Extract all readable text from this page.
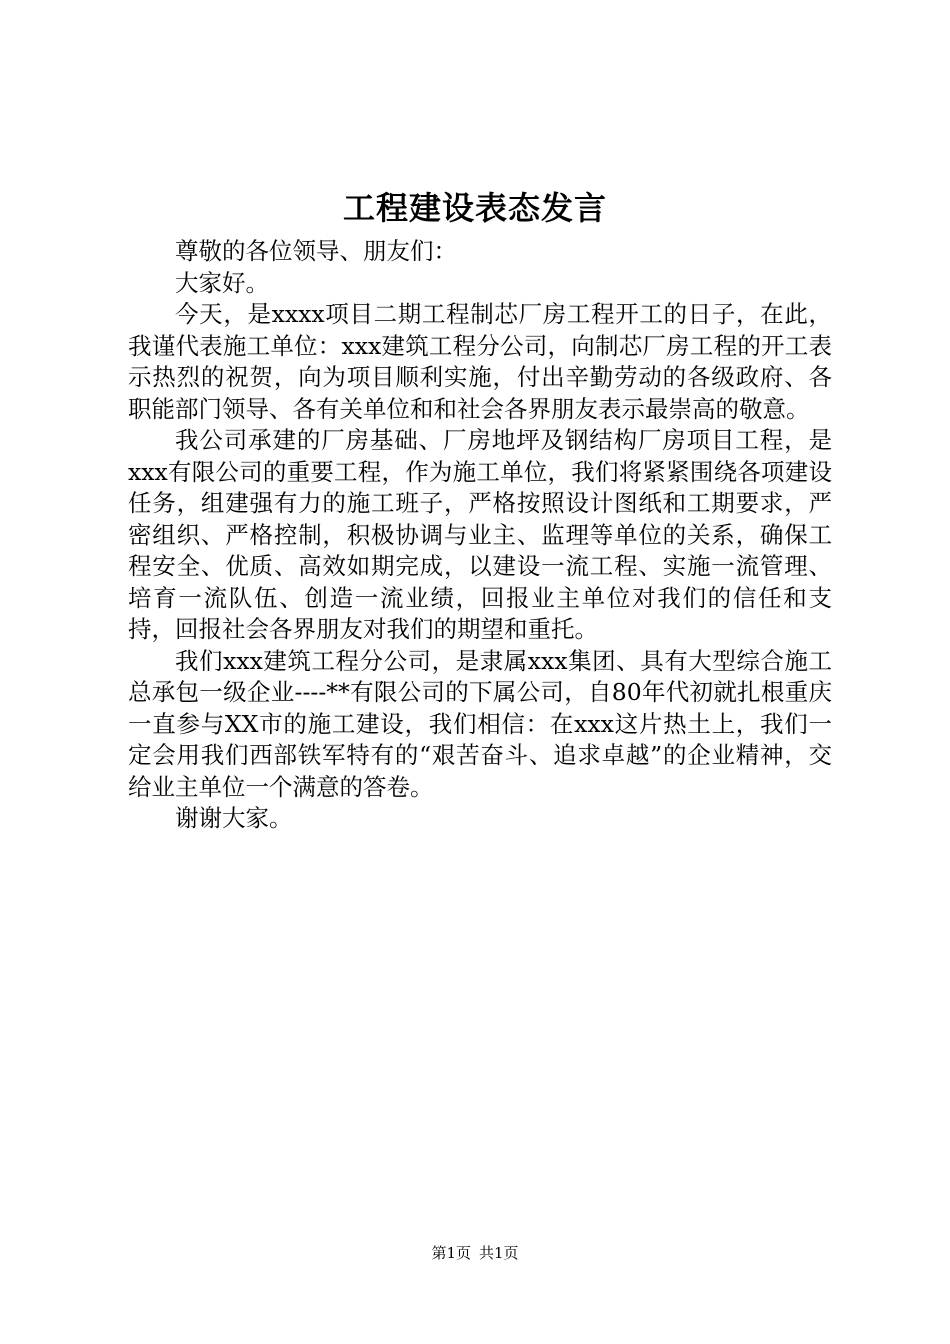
工程建设表态发言

尊敬的各位领导、朋友们：

大家好。

今天，是xxxx项目二期工程制芯厂房工程开工的日子，在此，我谨代表施工单位：xxx建筑工程分公司，向制芯厂房工程的开工表示热烈的祝贺，向为项目顺利实施，付出辛勤劳动的各级政府、各职能部门领导、各有关单位和和社会各界朋友表示最崇高的敬意。

我公司承建的厂房基础、厂房地坪及钢结构厂房项目工程，是xxx有限公司的重要工程，作为施工单位，我们将紧紧围绕各项建设任务，组建强有力的施工班子，严格按照设计图纸和工期要求，严密组织、严格控制，积极协调与业主、监理等单位的关系，确保工程安全、优质、高效如期完成，以建设一流工程、实施一流管理、培育一流队伍、创造一流业绩，回报业主单位对我们的信任和支持，回报社会各界朋友对我们的期望和重托。

我们xxx建筑工程分公司，是隶属xxx集团、具有大型综合施工总承包一级企业----**有限公司的下属公司，自80年代初就扎根重庆一直参与XX市的施工建设，我们相信：在xxx这片热土上，我们一定会用我们西部铁军特有的“艰苦奋斗、追求卓越”的企业精神，交给业主单位一个满意的答卷。

谢谢大家。

第1页 共1页
